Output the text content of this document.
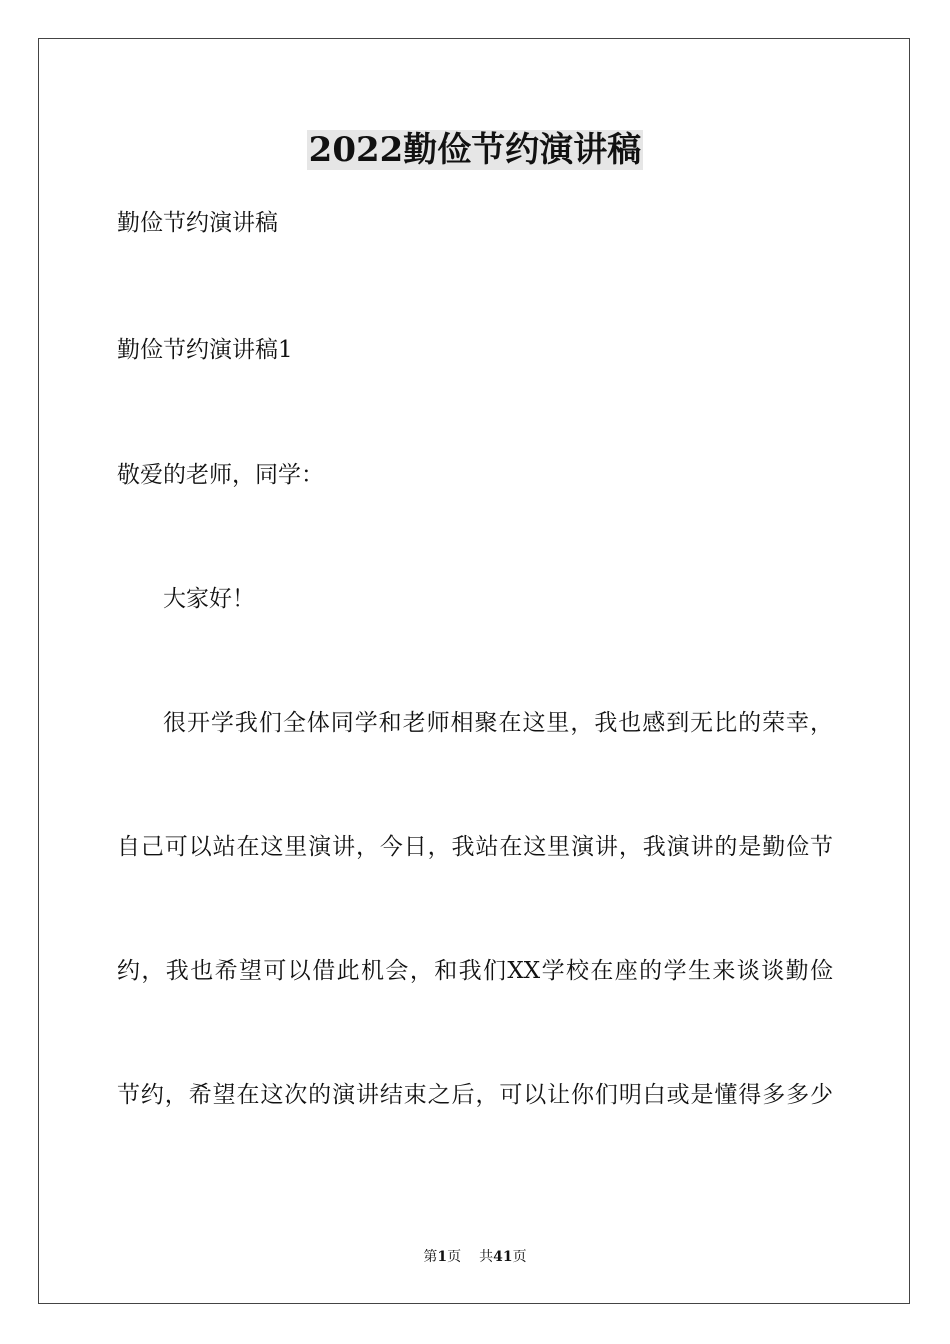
2022勤俭节约演讲稿
勤俭节约演讲稿
勤俭节约演讲稿1
敬爱的老师，同学：
大家好！
很开学我们全体同学和老师相聚在这里，我也感到无比的荣幸，
自己可以站在这里演讲，今日，我站在这里演讲，我演讲的是勤俭节
约，我也希望可以借此机会，和我们XX学校在座的学生来谈谈勤俭
节约，希望在这次的演讲结束之后，可以让你们明白或是懂得多多少
第1页 共41页
